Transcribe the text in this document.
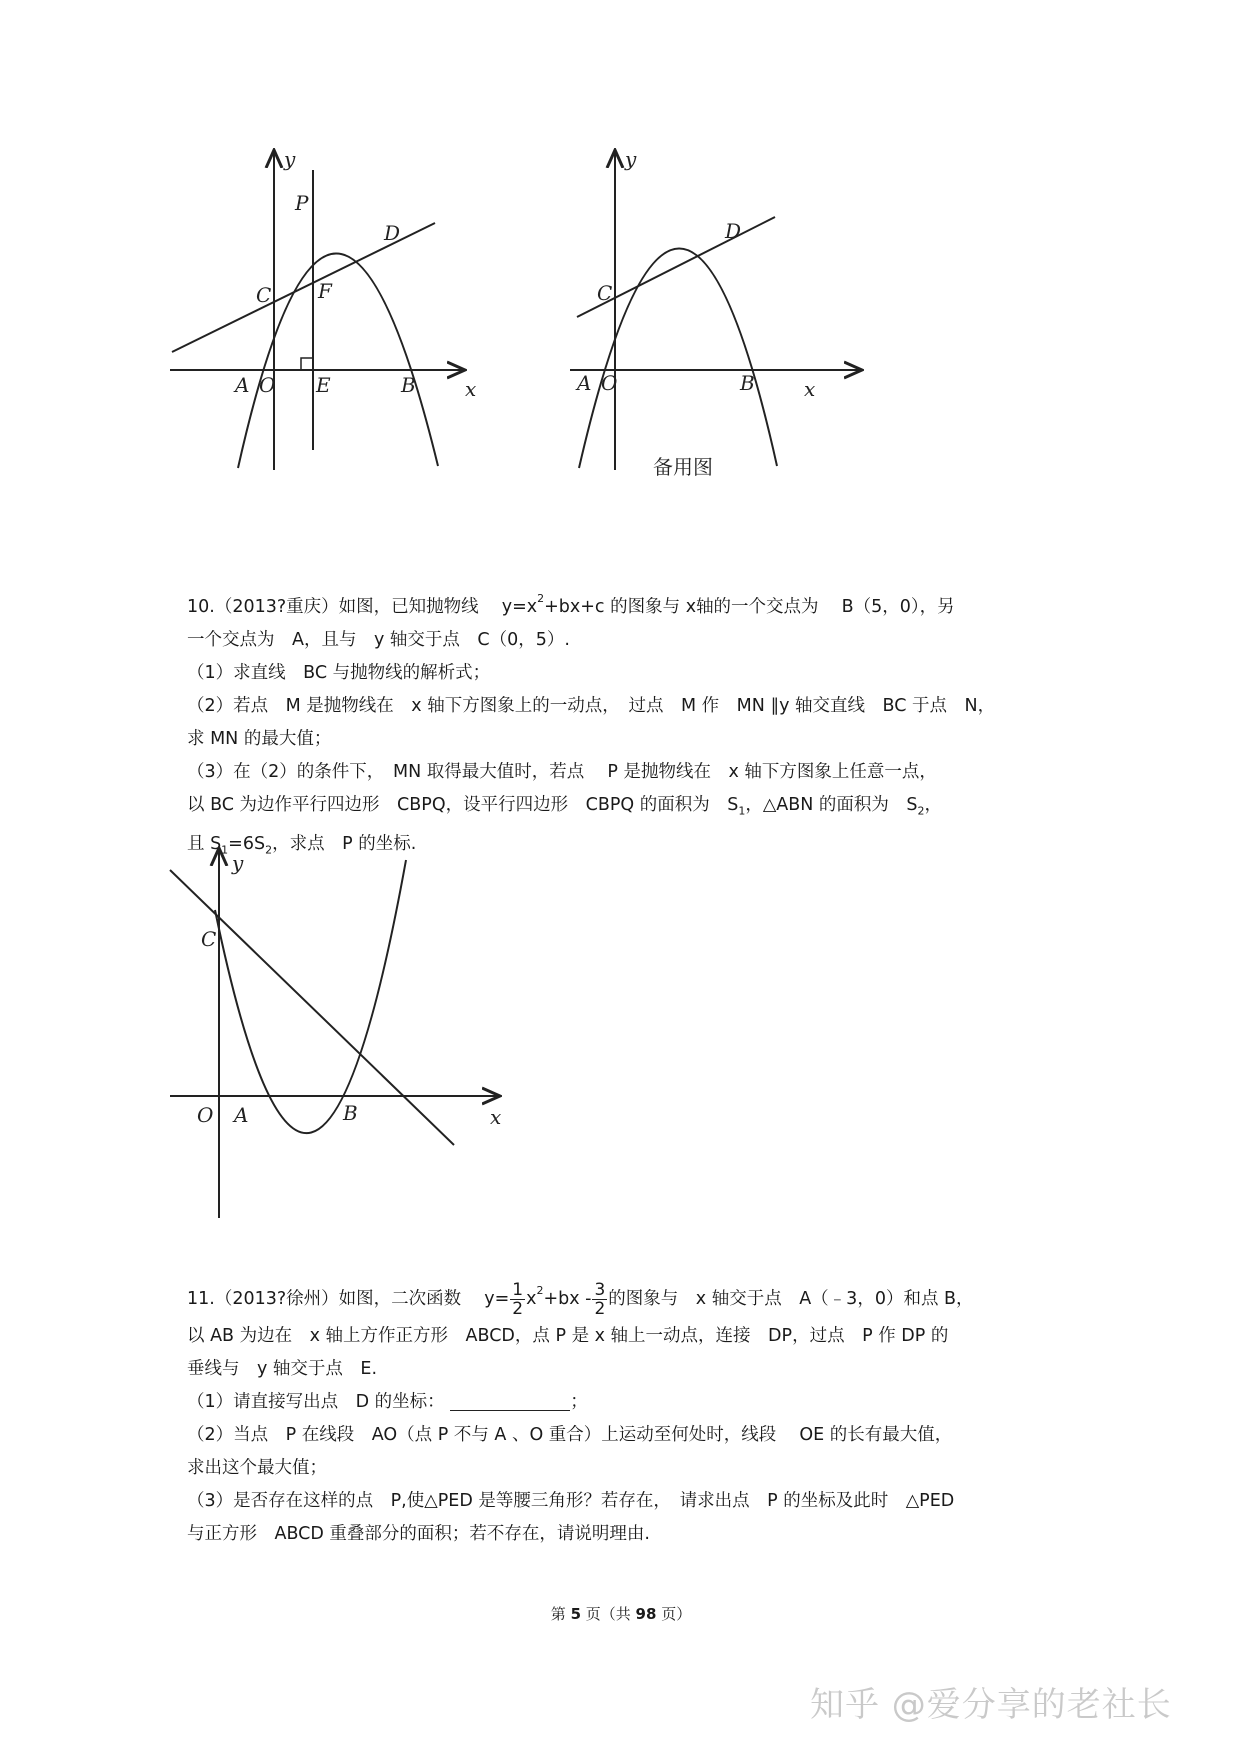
y
x
P
D
C F
A O E	B
y
x
D
C
A O	B
备用图

10.（2013?重庆）如图，已知抛物线 　 $y=x^2+bx+c$ 的图象与 x轴的一个交点为 　 B（5，0），另

一个交点为　A，且与　y 轴交于点　C（0，5）.

（1）求直线　BC 与抛物线的解析式；

（2）若点　M 是抛物线在　x 轴下方图象上的一动点，　过点　M 作　MN ∥y 轴交直线　BC 于点　N，

求 MN 的最大值；

（3）在（2）的条件下，　MN 取得最大值时，若点　 P 是抛物线在　x 轴下方图象上任意一点，

以 BC 为边作平行四边形　CBPQ，设平行四边形　CBPQ 的面积为　$S_1$，△ABN 的面积为　$S_2$，

且 $S_1=6S_2$，求点　P 的坐标.

y
x
C
O A	B

11.（2013?徐州）如图，二次函数 　 $y= \frac{1}{2} x^2+bx - \frac{3}{2}$ 的图象与　x 轴交于点　A（﹣3，0）和点 B，

以 AB 为边在　x 轴上方作正方形　ABCD，点 P 是 x 轴上一动点，连接　DP，过点　P 作 DP 的

垂线与　y 轴交于点　E.

（1）请直接写出点　D 的坐标：	；

（2）当点　P 在线段　AO（点 P 不与 A 、O 重合）上运动至何处时，线段　 OE 的长有最大值，

求出这个最大值；

（3）是否存在这样的点　P,使△PED 是等腰三角形？若存在，　请求出点　P 的坐标及此时　△PED

与正方形　ABCD 重叠部分的面积；若不存在，请说明理由.

第 5 页（共 98 页）
知乎 @爱分享的老社长
